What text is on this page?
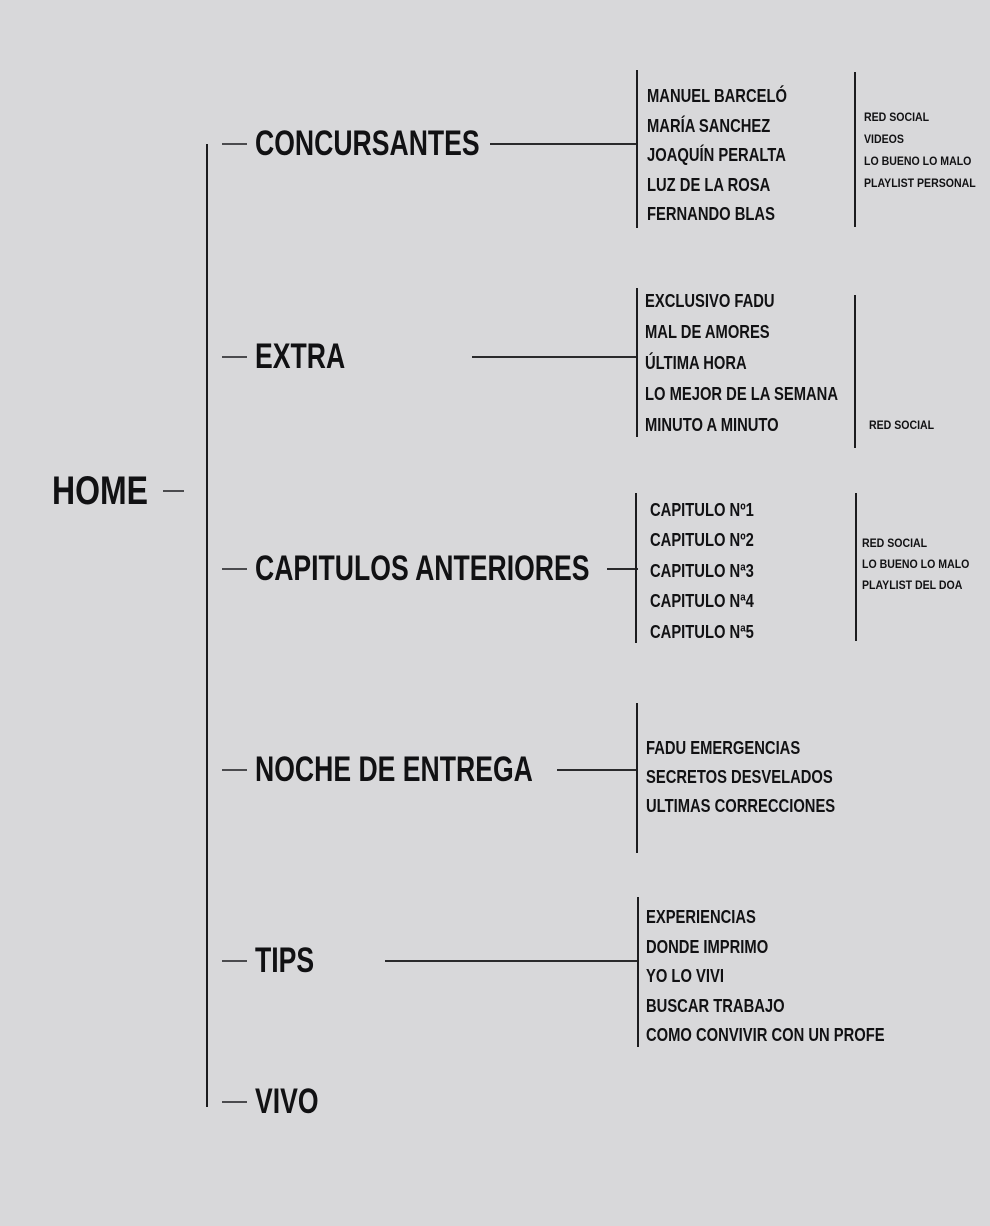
HOME
CONCURSANTES
MANUEL BARCELÓ
MARÍA SANCHEZ
JOAQUÍN PERALTA
LUZ DE LA ROSA
FERNANDO BLAS
RED SOCIAL
VIDEOS
LO BUENO LO MALO
PLAYLIST PERSONAL
EXTRA
EXCLUSIVO FADU
MAL DE AMORES
ÚLTIMA HORA
LO MEJOR DE LA SEMANA
MINUTO A MINUTO	RED SOCIAL
CAPITULOS ANTERIORES
CAPITULO Nº1
CAPITULO Nº2
CAPITULO Nª3
CAPITULO Nª4
CAPITULO Nª5
RED SOCIAL
LO BUENO LO MALO
PLAYLIST DEL DOA
NOCHE DE ENTREGA
FADU EMERGENCIAS
SECRETOS DESVELADOS
ULTIMAS CORRECCIONES
TIPS
EXPERIENCIAS
DONDE IMPRIMO
YO LO VIVI
BUSCAR TRABAJO
COMO CONVIVIR CON UN PROFE
VIVO
